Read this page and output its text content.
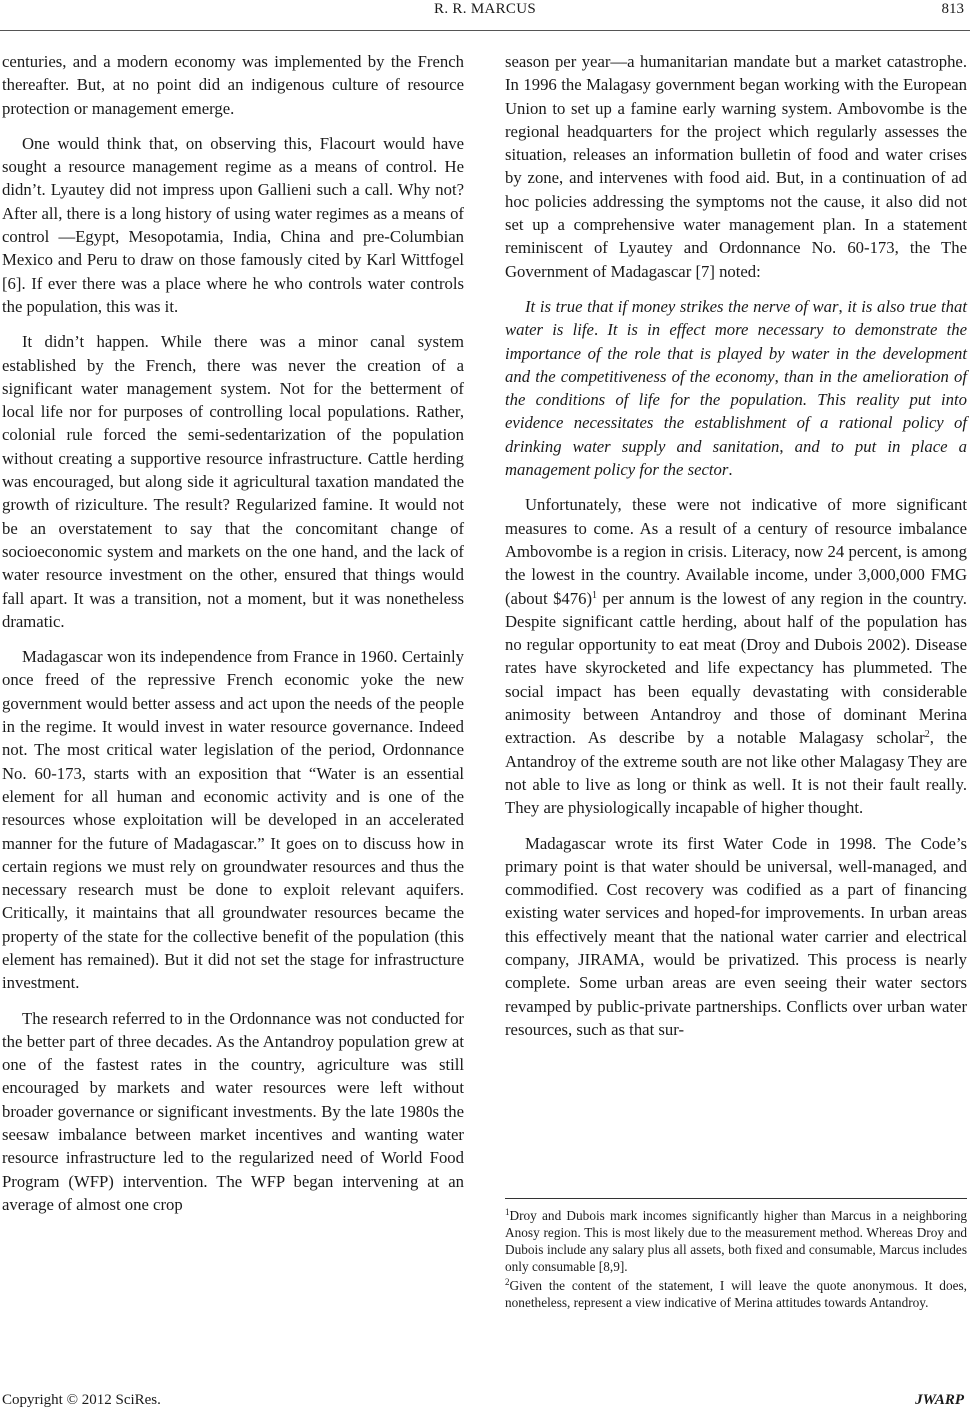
R. R. MARCUS	813

centuries, and a modern economy was implemented by the French thereafter. But, at no point did an indigenous culture of resource protection or management emerge.

One would think that, on observing this, Flacourt would have sought a resource management regime as a means of control. He didn’t. Lyautey did not impress upon Gallieni such a call. Why not? After all, there is a long history of using water regimes as a means of control —Egypt, Mesopotamia, India, China and pre-Columbian Mexico and Peru to draw on those famously cited by Karl Wittfogel [6]. If ever there was a place where he who controls water controls the population, this was it.

It didn’t happen. While there was a minor canal system established by the French, there was never the creation of a significant water management system. Not for the betterment of local life nor for purposes of controlling local populations. Rather, colonial rule forced the semi-sedentarization of the population without creating a supportive resource infrastructure. Cattle herding was encouraged, but along side it agricultural taxation mandated the growth of riziculture. The result? Regularized famine. It would not be an overstatement to say that the concomitant change of socioeconomic system and markets on the one hand, and the lack of water resource investment on the other, ensured that things would fall apart. It was a transition, not a moment, but it was nonetheless dramatic.

Madagascar won its independence from France in 1960. Certainly once freed of the repressive French economic yoke the new government would better assess and act upon the needs of the people in the regime. It would invest in water resource governance. Indeed not. The most critical water legislation of the period, Ordonnance No. 60-173, starts with an exposition that “Water is an essential element for all human and economic activity and is one of the resources whose exploitation will be developed in an accelerated manner for the future of Madagascar.” It goes on to discuss how in certain regions we must rely on groundwater resources and thus the necessary research must be done to exploit relevant aquifers. Critically, it maintains that all groundwater resources became the property of the state for the collective benefit of the population (this element has remained). But it did not set the stage for infrastructure investment.

The research referred to in the Ordonnance was not conducted for the better part of three decades. As the Antandroy population grew at one of the fastest rates in the country, agriculture was still encouraged by markets and water resources were left without broader governance or significant investments. By the late 1980s the seesaw imbalance between market incentives and wanting water resource infrastructure led to the regularized need of World Food Program (WFP) intervention. The WFP began intervening at an average of almost one crop

season per year—a humanitarian mandate but a market catastrophe. In 1996 the Malagasy government began working with the European Union to set up a famine early warning system. Ambovombe is the regional headquarters for the project which regularly assesses the situation, releases an information bulletin of food and water crises by zone, and intervenes with food aid. But, in a continuation of ad hoc policies addressing the symptoms not the cause, it also did not set up a comprehensive water management plan. In a statement reminiscent of Lyautey and Ordonnance No. 60-173, the The Government of Madagascar [7] noted:

It is true that if money strikes the nerve of war, it is also true that water is life. It is in effect more necessary to demonstrate the importance of the role that is played by water in the development and the competitiveness of the economy, than in the amelioration of the conditions of life for the population. This reality put into evidence necessitates the establishment of a rational policy of drinking water supply and sanitation, and to put in place a management policy for the sector.

Unfortunately, these were not indicative of more significant measures to come. As a result of a century of resource imbalance Ambovombe is a region in crisis. Literacy, now 24 percent, is among the lowest in the country. Available income, under 3,000,000 FMG (about $476)$^1$ per annum is the lowest of any region in the country. Despite significant cattle herding, about half of the population has no regular opportunity to eat meat (Droy and Dubois 2002). Disease rates have skyrocketed and life expectancy has plummeted. The social impact has been equally devastating with considerable animosity between Antandroy and those of dominant Merina extraction. As describe by a notable Malagasy scholar$^2$, the Antandroy of the extreme south are not like other Malagasy They are not able to live as long or think as well. It is not their fault really. They are physiologically incapable of higher thought.

Madagascar wrote its first Water Code in 1998. The Code’s primary point is that water should be universal, well-managed, and commodified. Cost recovery was codified as a part of financing existing water services and hoped-for improvements. In urban areas this effectively meant that the national water carrier and electrical company, JIRAMA, would be privatized. This process is nearly complete. Some urban areas are even seeing their water sectors revamped by public-private partnerships. Conflicts over urban water resources, such as that sur-

$^1$Droy and Dubois mark incomes significantly higher than Marcus in a neighboring Anosy region. This is most likely due to the measurement method. Whereas Droy and Dubois include any salary plus all assets, both fixed and consumable, Marcus includes only consumable [8,9].

$^2$Given the content of the statement, I will leave the quote anonymous. It does, nonetheless, represent a view indicative of Merina attitudes towards Antandroy.

Copyright © 2012 SciRes.	JWARP
